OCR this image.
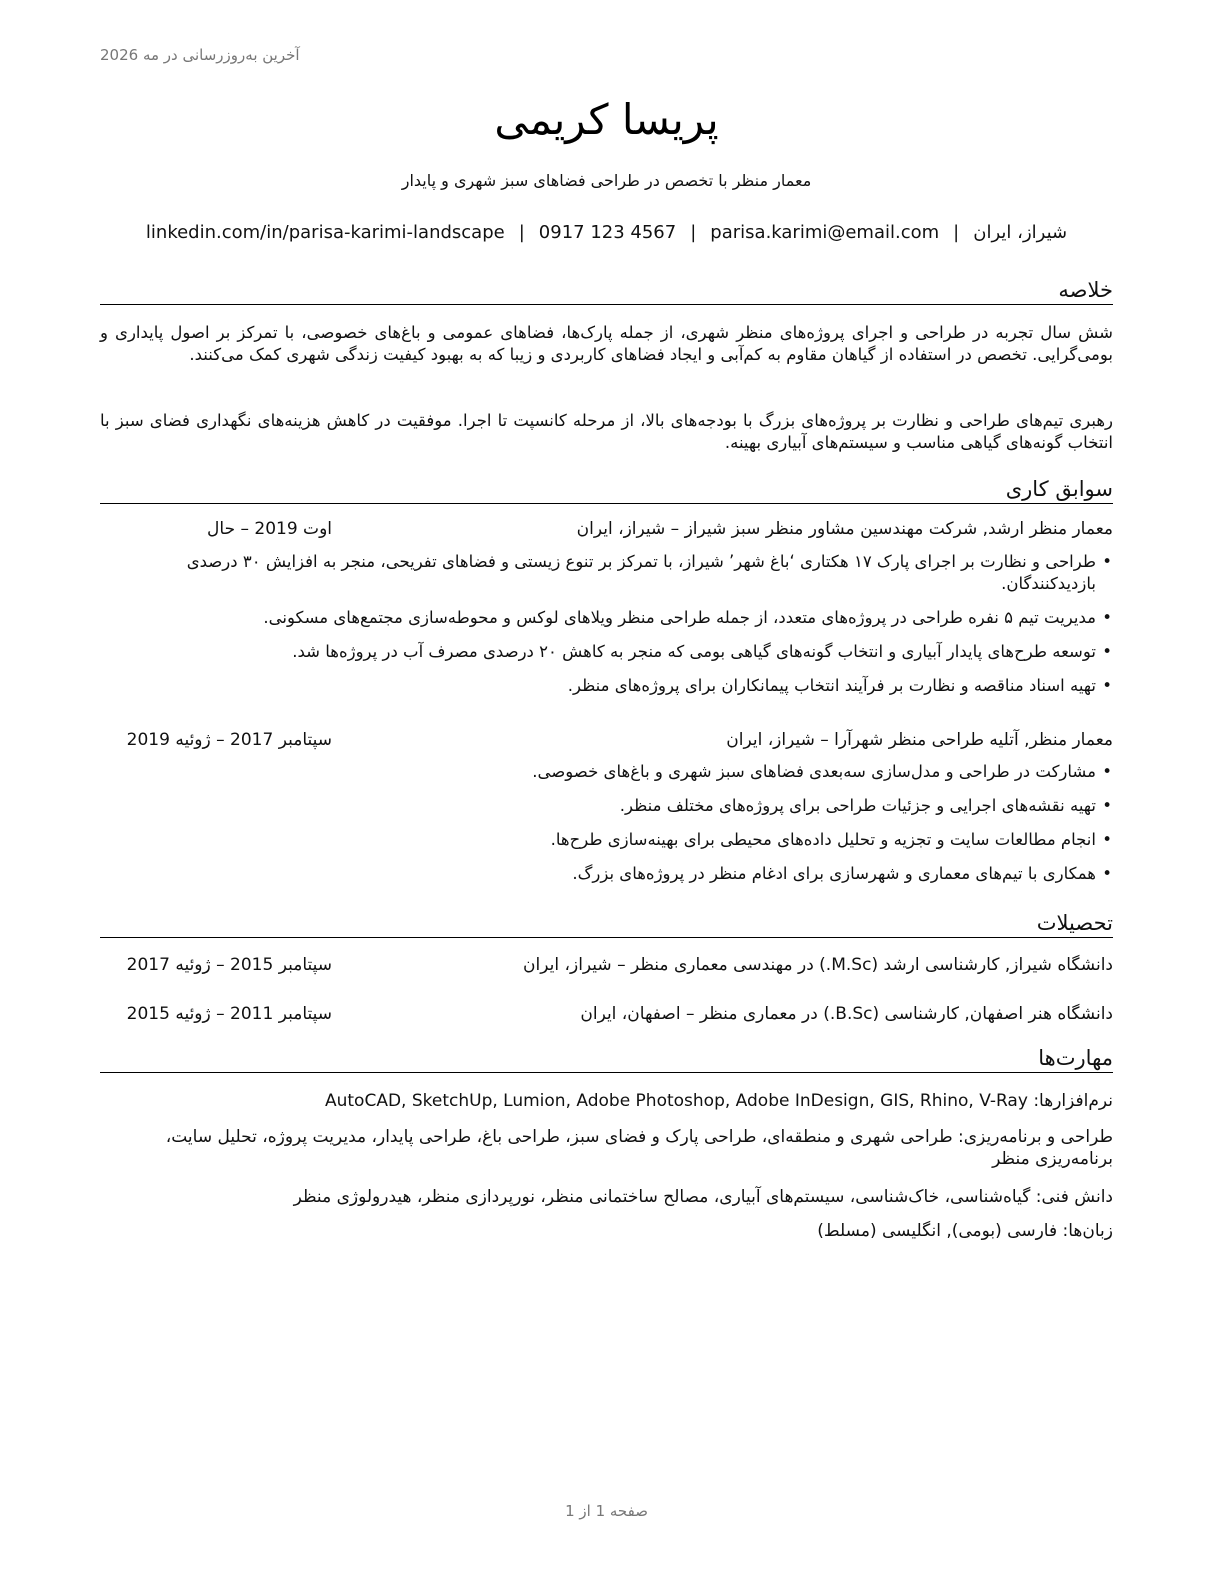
آخرین به‌روزرسانی در مه 2026
پریسا کریمی
معمار منظر با تخصص در طراحی فضاهای سبز شهری و پایدار
شیراز، ایران|parisa.karimi@email.com|0917 123 4567|linkedin.com/in/parisa-karimi-landscape
خلاصه
شش سال تجربه در طراحی و اجرای پروژه‌های منظر شهری، از جمله پارک‌ها، فضاهای عمومی و باغ‌های خصوصی، با تمرکز بر اصول پایداری و بومی‌گرایی. تخصص در استفاده از گیاهان مقاوم به کم‌آبی و ایجاد فضاهای کاربردی و زیبا که به بهبود کیفیت زندگی شهری کمک می‌کنند.
رهبری تیم‌های طراحی و نظارت بر پروژه‌های بزرگ با بودجه‌های بالا، از مرحله کانسپت تا اجرا. موفقیت در کاهش هزینه‌های نگهداری فضای سبز با انتخاب گونه‌های گیاهی مناسب و سیستم‌های آبیاری بهینه.
سوابق کاری
معمار منظر ارشد, شرکت مهندسین مشاور منظر سبز شیراز – شیراز، ایران
اوت 2019 – حال
• طراحی و نظارت بر اجرای پارک ۱۷ هکتاری ‘باغ شهر’ شیراز، با تمرکز بر تنوع زیستی و فضاهای تفریحی، منجر به افزایش ۳۰ درصدی بازدیدکنندگان.
• مدیریت تیم ۵ نفره طراحی در پروژه‌های متعدد، از جمله طراحی منظر ویلاهای لوکس و محوطه‌سازی مجتمع‌های مسکونی.
• توسعه طرح‌های پایدار آبیاری و انتخاب گونه‌های گیاهی بومی که منجر به کاهش ۲۰ درصدی مصرف آب در پروژه‌ها شد.
• تهیه اسناد مناقصه و نظارت بر فرآیند انتخاب پیمانکاران برای پروژه‌های منظر.
معمار منظر, آتلیه طراحی منظر شهرآرا – شیراز، ایران
سپتامبر 2017 – ژوئیه 2019
• مشارکت در طراحی و مدل‌سازی سه‌بعدی فضاهای سبز شهری و باغ‌های خصوصی.
• تهیه نقشه‌های اجرایی و جزئیات طراحی برای پروژه‌های مختلف منظر.
• انجام مطالعات سایت و تجزیه و تحلیل داده‌های محیطی برای بهینه‌سازی طرح‌ها.
• همکاری با تیم‌های معماری و شهرسازی برای ادغام منظر در پروژه‌های بزرگ.
تحصیلات
دانشگاه شیراز, کارشناسی ارشد (M.Sc.) در مهندسی معماری منظر – شیراز، ایران
سپتامبر 2015 – ژوئیه 2017
دانشگاه هنر اصفهان, کارشناسی (B.Sc.) در معماری منظر – اصفهان، ایران
سپتامبر 2011 – ژوئیه 2015
مهارت‌ها
نرم‌افزارها: AutoCAD, SketchUp, Lumion, Adobe Photoshop, Adobe InDesign, GIS, Rhino, V-Ray
طراحی و برنامه‌ریزی: طراحی شهری و منطقه‌ای، طراحی پارک و فضای سبز، طراحی باغ، طراحی پایدار، مدیریت پروژه، تحلیل سایت، برنامه‌ریزی منظر
دانش فنی: گیاه‌شناسی، خاک‌شناسی، سیستم‌های آبیاری، مصالح ساختمانی منظر، نورپردازی منظر، هیدرولوژی منظر
زبان‌ها: فارسی (بومی), انگلیسی (مسلط)
صفحه 1 از 1
